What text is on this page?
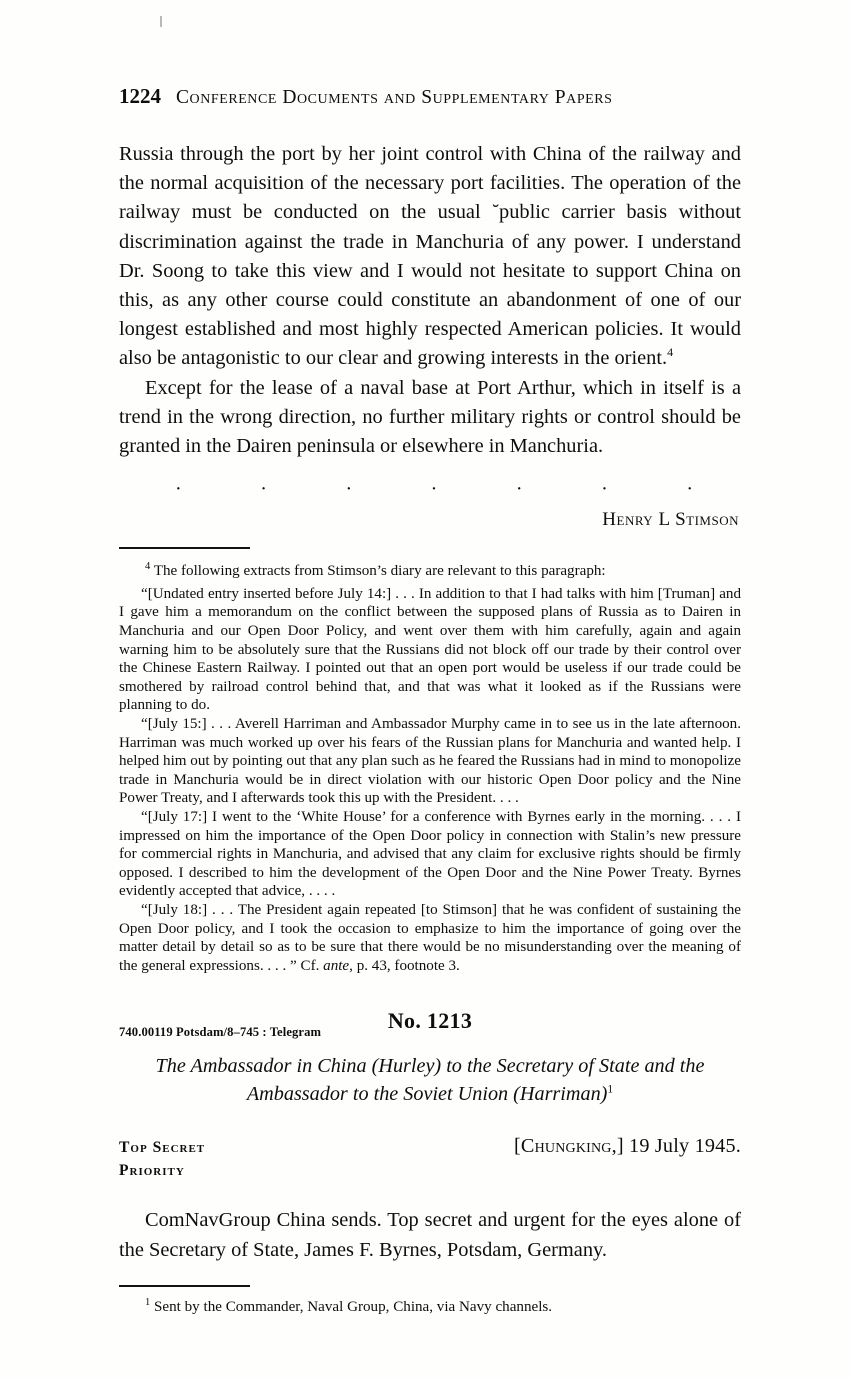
1224 Conference Documents and Supplementary Papers

Russia through the port by her joint control with China of the railway and the normal acquisition of the necessary port facilities. The operation of the railway must be conducted on the usual ˘public carrier basis without discrimination against the trade in Manchuria of any power. I understand Dr. Soong to take this view and I would not hesitate to support China on this, as any other course could constitute an abandonment of one of our longest established and most highly respected American policies. It would also be antagonistic to our clear and growing interests in the orient.$^4$

Except for the lease of a naval base at Port Arthur, which in itself is a trend in the wrong direction, no further military rights or control should be granted in the Dairen peninsula or elsewhere in Manchuria.

·	·	·	·	·	·	·
Henry L Stimson

$^4$ The following extracts from Stimson’s diary are relevant to this paragraph:

“[Undated entry inserted before July 14:] . . . In addition to that I had talks with him [Truman] and I gave him a memorandum on the conflict between the supposed plans of Russia as to Dairen in Manchuria and our Open Door Policy, and went over them with him carefully, again and again warning him to be absolutely sure that the Russians did not block off our trade by their control over the Chinese Eastern Railway. I pointed out that an open port would be useless if our trade could be smothered by railroad control behind that, and that was what it looked as if the Russians were planning to do.

“[July 15:] . . . Averell Harriman and Ambassador Murphy came in to see us in the late afternoon. Harriman was much worked up over his fears of the Russian plans for Manchuria and wanted help. I helped him out by pointing out that any plan such as he feared the Russians had in mind to monopolize trade in Manchuria would be in direct violation with our historic Open Door policy and the Nine Power Treaty, and I afterwards took this up with the President. . . .

“[July 17:] I went to the ‘White House’ for a conference with Byrnes early in the morning. . . . I impressed on him the importance of the Open Door policy in connection with Stalin’s new pressure for commercial rights in Manchuria, and advised that any claim for exclusive rights should be firmly opposed. I described to him the development of the Open Door and the Nine Power Treaty. Byrnes evidently accepted that advice, . . . .

“[July 18:] . . . The President again repeated [to Stimson] that he was confident of sustaining the Open Door policy, and I took the occasion to emphasize to him the importance of going over the matter detail by detail so as to be sure that there would be no misunderstanding over the meaning of the general expressions. . . . ” Cf. ante, p. 43, footnote 3.

No. 1213
740.00119 Potsdam/8–745 : Telegram
The Ambassador in China (Hurley) to the Secretary of State and the
Ambassador to the Soviet Union (Harriman)$^1$
Top Secret
Priority
[Chungking,] 19 July 1945.

ComNavGroup China sends. Top secret and urgent for the eyes alone of the Secretary of State, James F. Byrnes, Potsdam, Germany.

$^1$ Sent by the Commander, Naval Group, China, via Navy channels.
